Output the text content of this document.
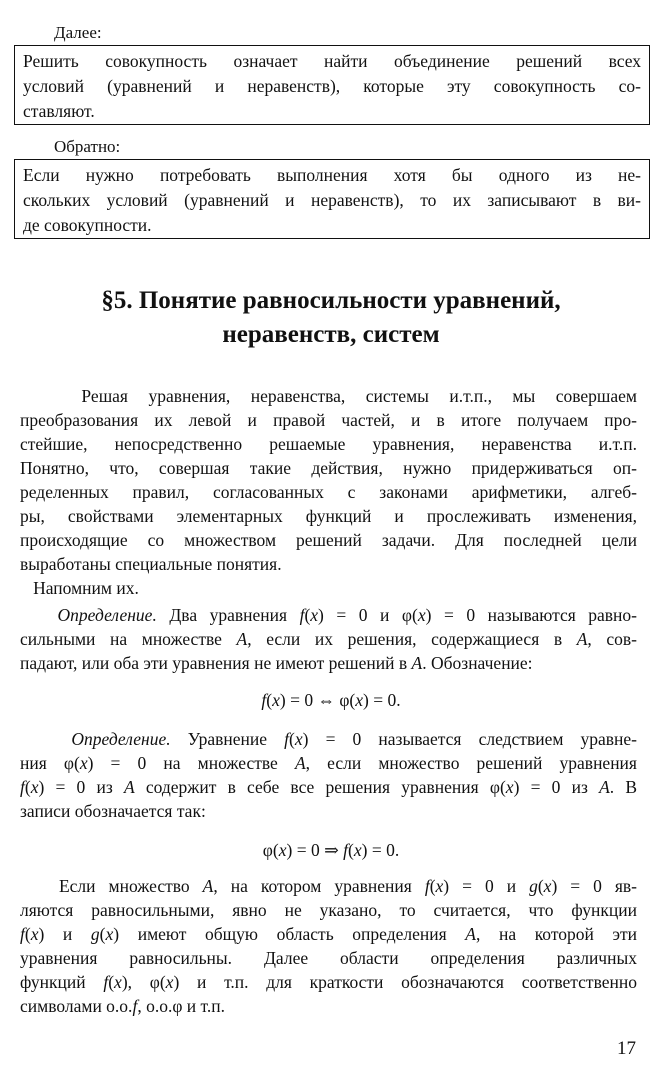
Далее:
Решить совокупность означает найти объединение решений всех
условий (уравнений и неравенств), которые эту совокупность со-
ставляют.
Обратно:
Если нужно потребовать выполнения хотя бы одного из не-
скольких условий (уравнений и неравенств), то их записывают в ви-
де совокупности.
§5. Понятие равносильности уравнений,
неравенств, систем
Решая уравнения, неравенства, системы и.т.п., мы совершаем
преобразования их левой и правой частей, и в итоге получаем про-
стейшие, непосредственно решаемые уравнения, неравенства и.т.п.
Понятно, что, совершая такие действия, нужно придерживаться оп-
ределенных правил, согласованных с законами арифметики, алгеб-
ры, свойствами элементарных функций и прослеживать изменения,
происходящие со множеством решений задачи. Для последней цели
выработаны специальные понятия.
Напомним их.
Определение. Два уравнения f(x) = 0 и φ(x) = 0 называются равно-
сильными на множестве A, если их решения, содержащиеся в A, сов-
падают, или оба эти уравнения не имеют решений в A. Обозначение:
f(x) = 0 ⇔ φ(x) = 0.
Определение. Уравнение f(x) = 0 называется следствием уравне-
ния φ(x) = 0 на множестве A, если множество решений уравнения
f(x) = 0 из A содержит в себе все решения уравнения φ(x) = 0 из A. В
записи обозначается так:
φ(x) = 0 ⇒ f(x) = 0.
Если множество A, на котором уравнения f(x) = 0 и g(x) = 0 яв-
ляются равносильными, явно не указано, то считается, что функции
f(x) и g(x) имеют общую область определения A, на которой эти
уравнения равносильны. Далее области определения различных
функций f(x), φ(x) и т.п. для краткости обозначаются соответственно
символами о.о.f, о.о.φ и т.п.
17
